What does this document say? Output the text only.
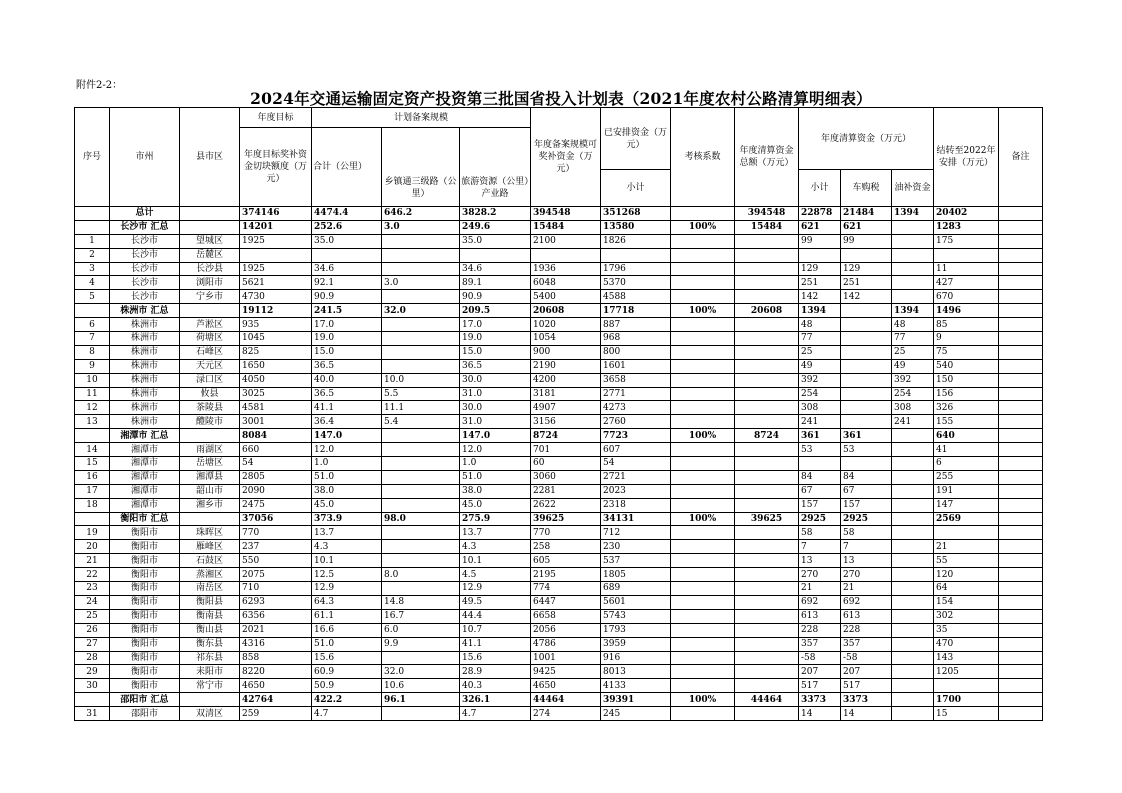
附件2-2：
2024年交通运输固定资产投资第三批国省投入计划表（2021年度农村公路清算明细表）
序号	市州	县市区	年度目标	计划备案规模			年度备案规模可奖补资金（万元）	已安排资金（万元）	考核系数	年度清算资金总额（万元）	年度清算资金（万元）			结转至2022年安排（万元）	备注
			年度目标奖补资金切块额度（万元）	合计（公里）											
					乡镇通三级路（公里）	旅游资源（公里）产业路		小计			小计	车购税	油补资金		
	总计		374146	4474.4	646.2	3828.2	394548	351268		394548	22878	21484	1394	20402	
	长沙市 汇总		14201	252.6	3.0	249.6	15484	13580	100%	15484	621	621		1283	
1	长沙市	望城区	1925	35.0		35.0	2100	1826			99	99		175	
2	长沙市	岳麓区													
3	长沙市	长沙县	1925	34.6		34.6	1936	1796			129	129		11	
4	长沙市	浏阳市	5621	92.1	3.0	89.1	6048	5370			251	251		427	
5	长沙市	宁乡市	4730	90.9		90.9	5400	4588			142	142		670	
	株洲市 汇总		19112	241.5	32.0	209.5	20608	17718	100%	20608	1394		1394	1496	
6	株洲市	芦淞区	935	17.0		17.0	1020	887			48		48	85	
7	株洲市	荷塘区	1045	19.0		19.0	1054	968			77		77	9	
8	株洲市	石峰区	825	15.0		15.0	900	800			25		25	75	
9	株洲市	天元区	1650	36.5		36.5	2190	1601			49		49	540	
10	株洲市	渌口区	4050	40.0	10.0	30.0	4200	3658			392		392	150	
11	株洲市	攸县	3025	36.5	5.5	31.0	3181	2771			254		254	156	
12	株洲市	茶陵县	4581	41.1	11.1	30.0	4907	4273			308		308	326	
13	株洲市	醴陵市	3001	36.4	5.4	31.0	3156	2760			241		241	155	
	湘潭市 汇总		8084	147.0		147.0	8724	7723	100%	8724	361	361		640	
14	湘潭市	雨湖区	660	12.0		12.0	701	607			53	53		41	
15	湘潭市	岳塘区	54	1.0		1.0	60	54						6	
16	湘潭市	湘潭县	2805	51.0		51.0	3060	2721			84	84		255	
17	湘潭市	韶山市	2090	38.0		38.0	2281	2023			67	67		191	
18	湘潭市	湘乡市	2475	45.0		45.0	2622	2318			157	157		147	
	衡阳市 汇总		37056	373.9	98.0	275.9	39625	34131	100%	39625	2925	2925		2569	
19	衡阳市	珠晖区	770	13.7		13.7	770	712			58	58			
20	衡阳市	雁峰区	237	4.3		4.3	258	230			7	7		21	
21	衡阳市	石鼓区	550	10.1		10.1	605	537			13	13		55	
22	衡阳市	蒸湘区	2075	12.5	8.0	4.5	2195	1805			270	270		120	
23	衡阳市	南岳区	710	12.9		12.9	774	689			21	21		64	
24	衡阳市	衡阳县	6293	64.3	14.8	49.5	6447	5601			692	692		154	
25	衡阳市	衡南县	6356	61.1	16.7	44.4	6658	5743			613	613		302	
26	衡阳市	衡山县	2021	16.6	6.0	10.7	2056	1793			228	228		35	
27	衡阳市	衡东县	4316	51.0	9.9	41.1	4786	3959			357	357		470	
28	衡阳市	祁东县	858	15.6		15.6	1001	916			-58	-58		143	
29	衡阳市	耒阳市	8220	60.9	32.0	28.9	9425	8013			207	207		1205	
30	衡阳市	常宁市	4650	50.9	10.6	40.3	4650	4133			517	517			
	邵阳市 汇总		42764	422.2	96.1	326.1	44464	39391	100%	44464	3373	3373		1700	
31	邵阳市	双清区	259	4.7		4.7	274	245			14	14		15	
